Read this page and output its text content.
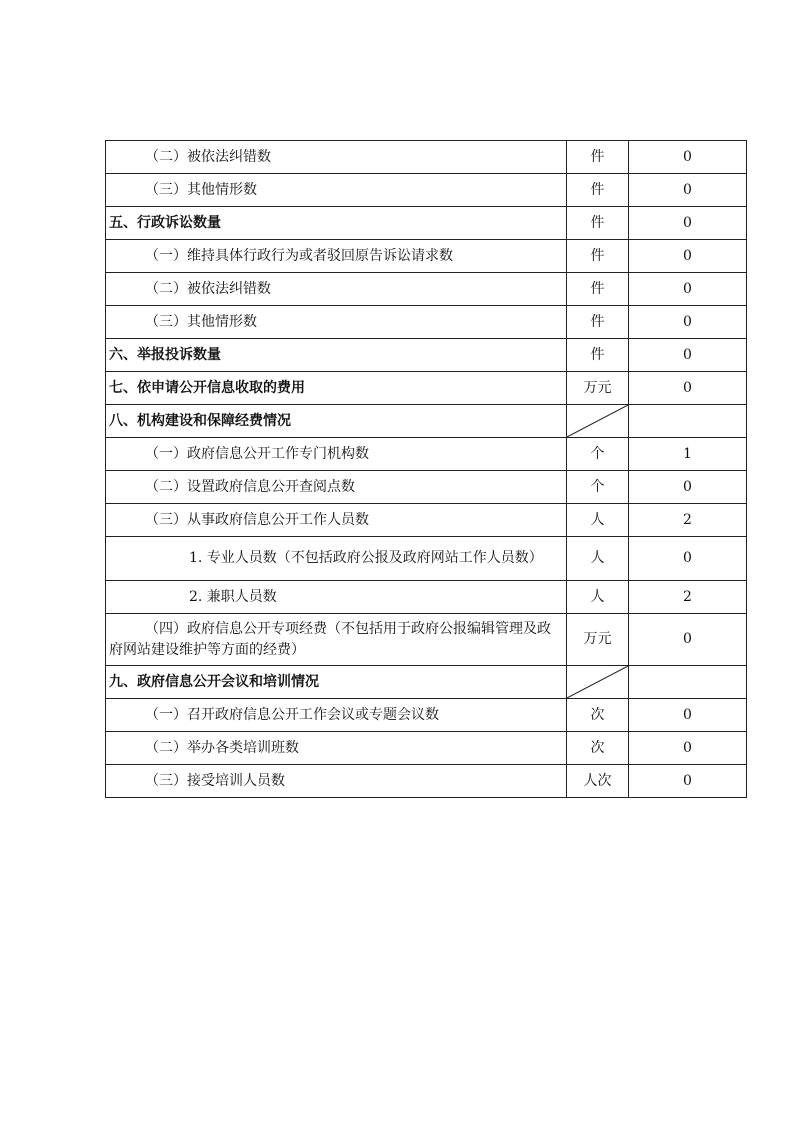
（二）被依法纠错数	件	0

（三）其他情形数	件	0

五、行政诉讼数量	件	0

（一）维持具体行政行为或者驳回原告诉讼请求数	件	0

（二）被依法纠错数	件	0

（三）其他情形数	件	0

六、举报投诉数量	件	0

七、依申请公开信息收取的费用	万元	0

八、机构建设和保障经费情况

（一）政府信息公开工作专门机构数	个	1

（二）设置政府信息公开查阅点数	个	0

（三）从事政府信息公开工作人员数	人	2

1. 专业人员数（不包括政府公报及政府网站工作人员数）	人	0

2. 兼职人员数	人	2

（四）政府信息公开专项经费（不包括用于政府公报编辑管理及政府网站建设维护等方面的经费）	万元	0

九、政府信息公开会议和培训情况

（一）召开政府信息公开工作会议或专题会议数	次	0

（二）举办各类培训班数	次	0

（三）接受培训人员数	人次	0
